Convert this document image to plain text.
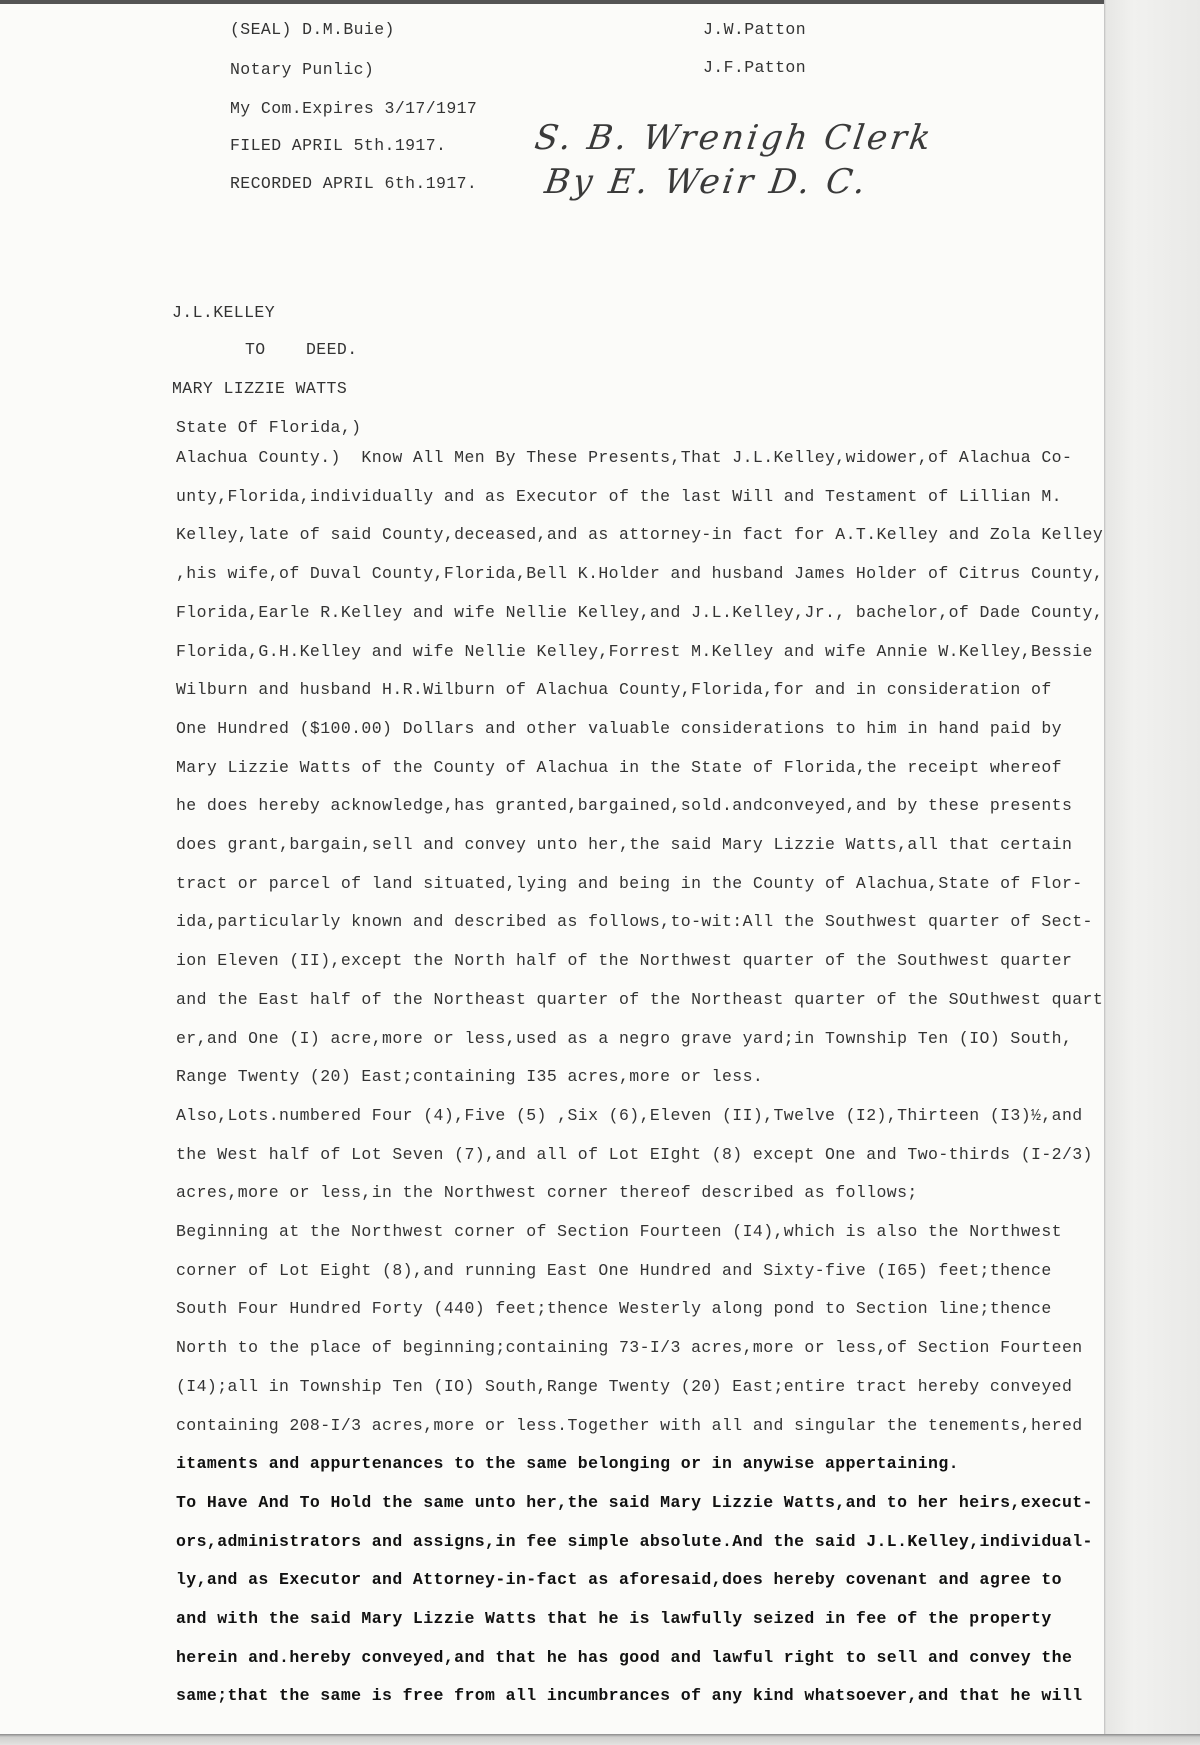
(SEAL) D.M.Buie)
Notary Punlic)
My Com.Expires 3/17/1917
FILED APRIL 5th.1917.
RECORDED APRIL 6th.1917.
J.W.Patton
J.F.Patton
S. B. Wrenigh Clerk
By E. Weir D. C.
J.L.KELLEY
TO DEED.
MARY LIZZIE WATTS
State Of Florida,)
Alachua County.)  Know All Men By These Presents,That J.L.Kelley,widower,of Alachua Co-
unty,Florida,individually and as Executor of the last Will and Testament of Lillian M.
Kelley,late of said County,deceased,and as attorney-in fact for A.T.Kelley and Zola Kelley
,his wife,of Duval County,Florida,Bell K.Holder and husband James Holder of Citrus County,
Florida,Earle R.Kelley and wife Nellie Kelley,and J.L.Kelley,Jr., bachelor,of Dade County,
Florida,G.H.Kelley and wife Nellie Kelley,Forrest M.Kelley and wife Annie W.Kelley,Bessie
Wilburn and husband H.R.Wilburn of Alachua County,Florida,for and in consideration of
One Hundred ($100.00) Dollars and other valuable considerations to him in hand paid by
Mary Lizzie Watts of the County of Alachua in the State of Florida,the receipt whereof
he does hereby acknowledge,has granted,bargained,sold.andconveyed,and by these presents
does grant,bargain,sell and convey unto her,the said Mary Lizzie Watts,all that certain
tract or parcel of land situated,lying and being in the County of Alachua,State of Flor-
ida,particularly known and described as follows,to-wit:All the Southwest quarter of Sect-
ion Eleven (II),except the North half of the Northwest quarter of the Southwest quarter
and the East half of the Northeast quarter of the Northeast quarter of the SOuthwest quart
er,and One (I) acre,more or less,used as a negro grave yard;in Township Ten (IO) South,
Range Twenty (20) East;containing I35 acres,more or less.
Also,Lots.numbered Four (4),Five (5) ,Six (6),Eleven (II),Twelve (I2),Thirteen (I3)½,and
the West half of Lot Seven (7),and all of Lot EIght (8) except One and Two-thirds (I-2/3)
acres,more or less,in the Northwest corner thereof described as follows;
Beginning at the Northwest corner of Section Fourteen (I4),which is also the Northwest
corner of Lot Eight (8),and running East One Hundred and Sixty-five (I65) feet;thence
South Four Hundred Forty (440) feet;thence Westerly along pond to Section line;thence
North to the place of beginning;containing 73-I/3 acres,more or less,of Section Fourteen
(I4);all in Township Ten (IO) South,Range Twenty (20) East;entire tract hereby conveyed
containing 208-I/3 acres,more or less.Together with all and singular the tenements,hered
itaments and appurtenances to the same belonging or in anywise appertaining.
To Have And To Hold the same unto her,the said Mary Lizzie Watts,and to her heirs,execut-
ors,administrators and assigns,in fee simple absolute.And the said J.L.Kelley,individual-
ly,and as Executor and Attorney-in-fact as aforesaid,does hereby covenant and agree to
and with the said Mary Lizzie Watts that he is lawfully seized in fee of the property
herein and.hereby conveyed,and that he has good and lawful right to sell and convey the
same;that the same is free from all incumbrances of any kind whatsoever,and that he will
